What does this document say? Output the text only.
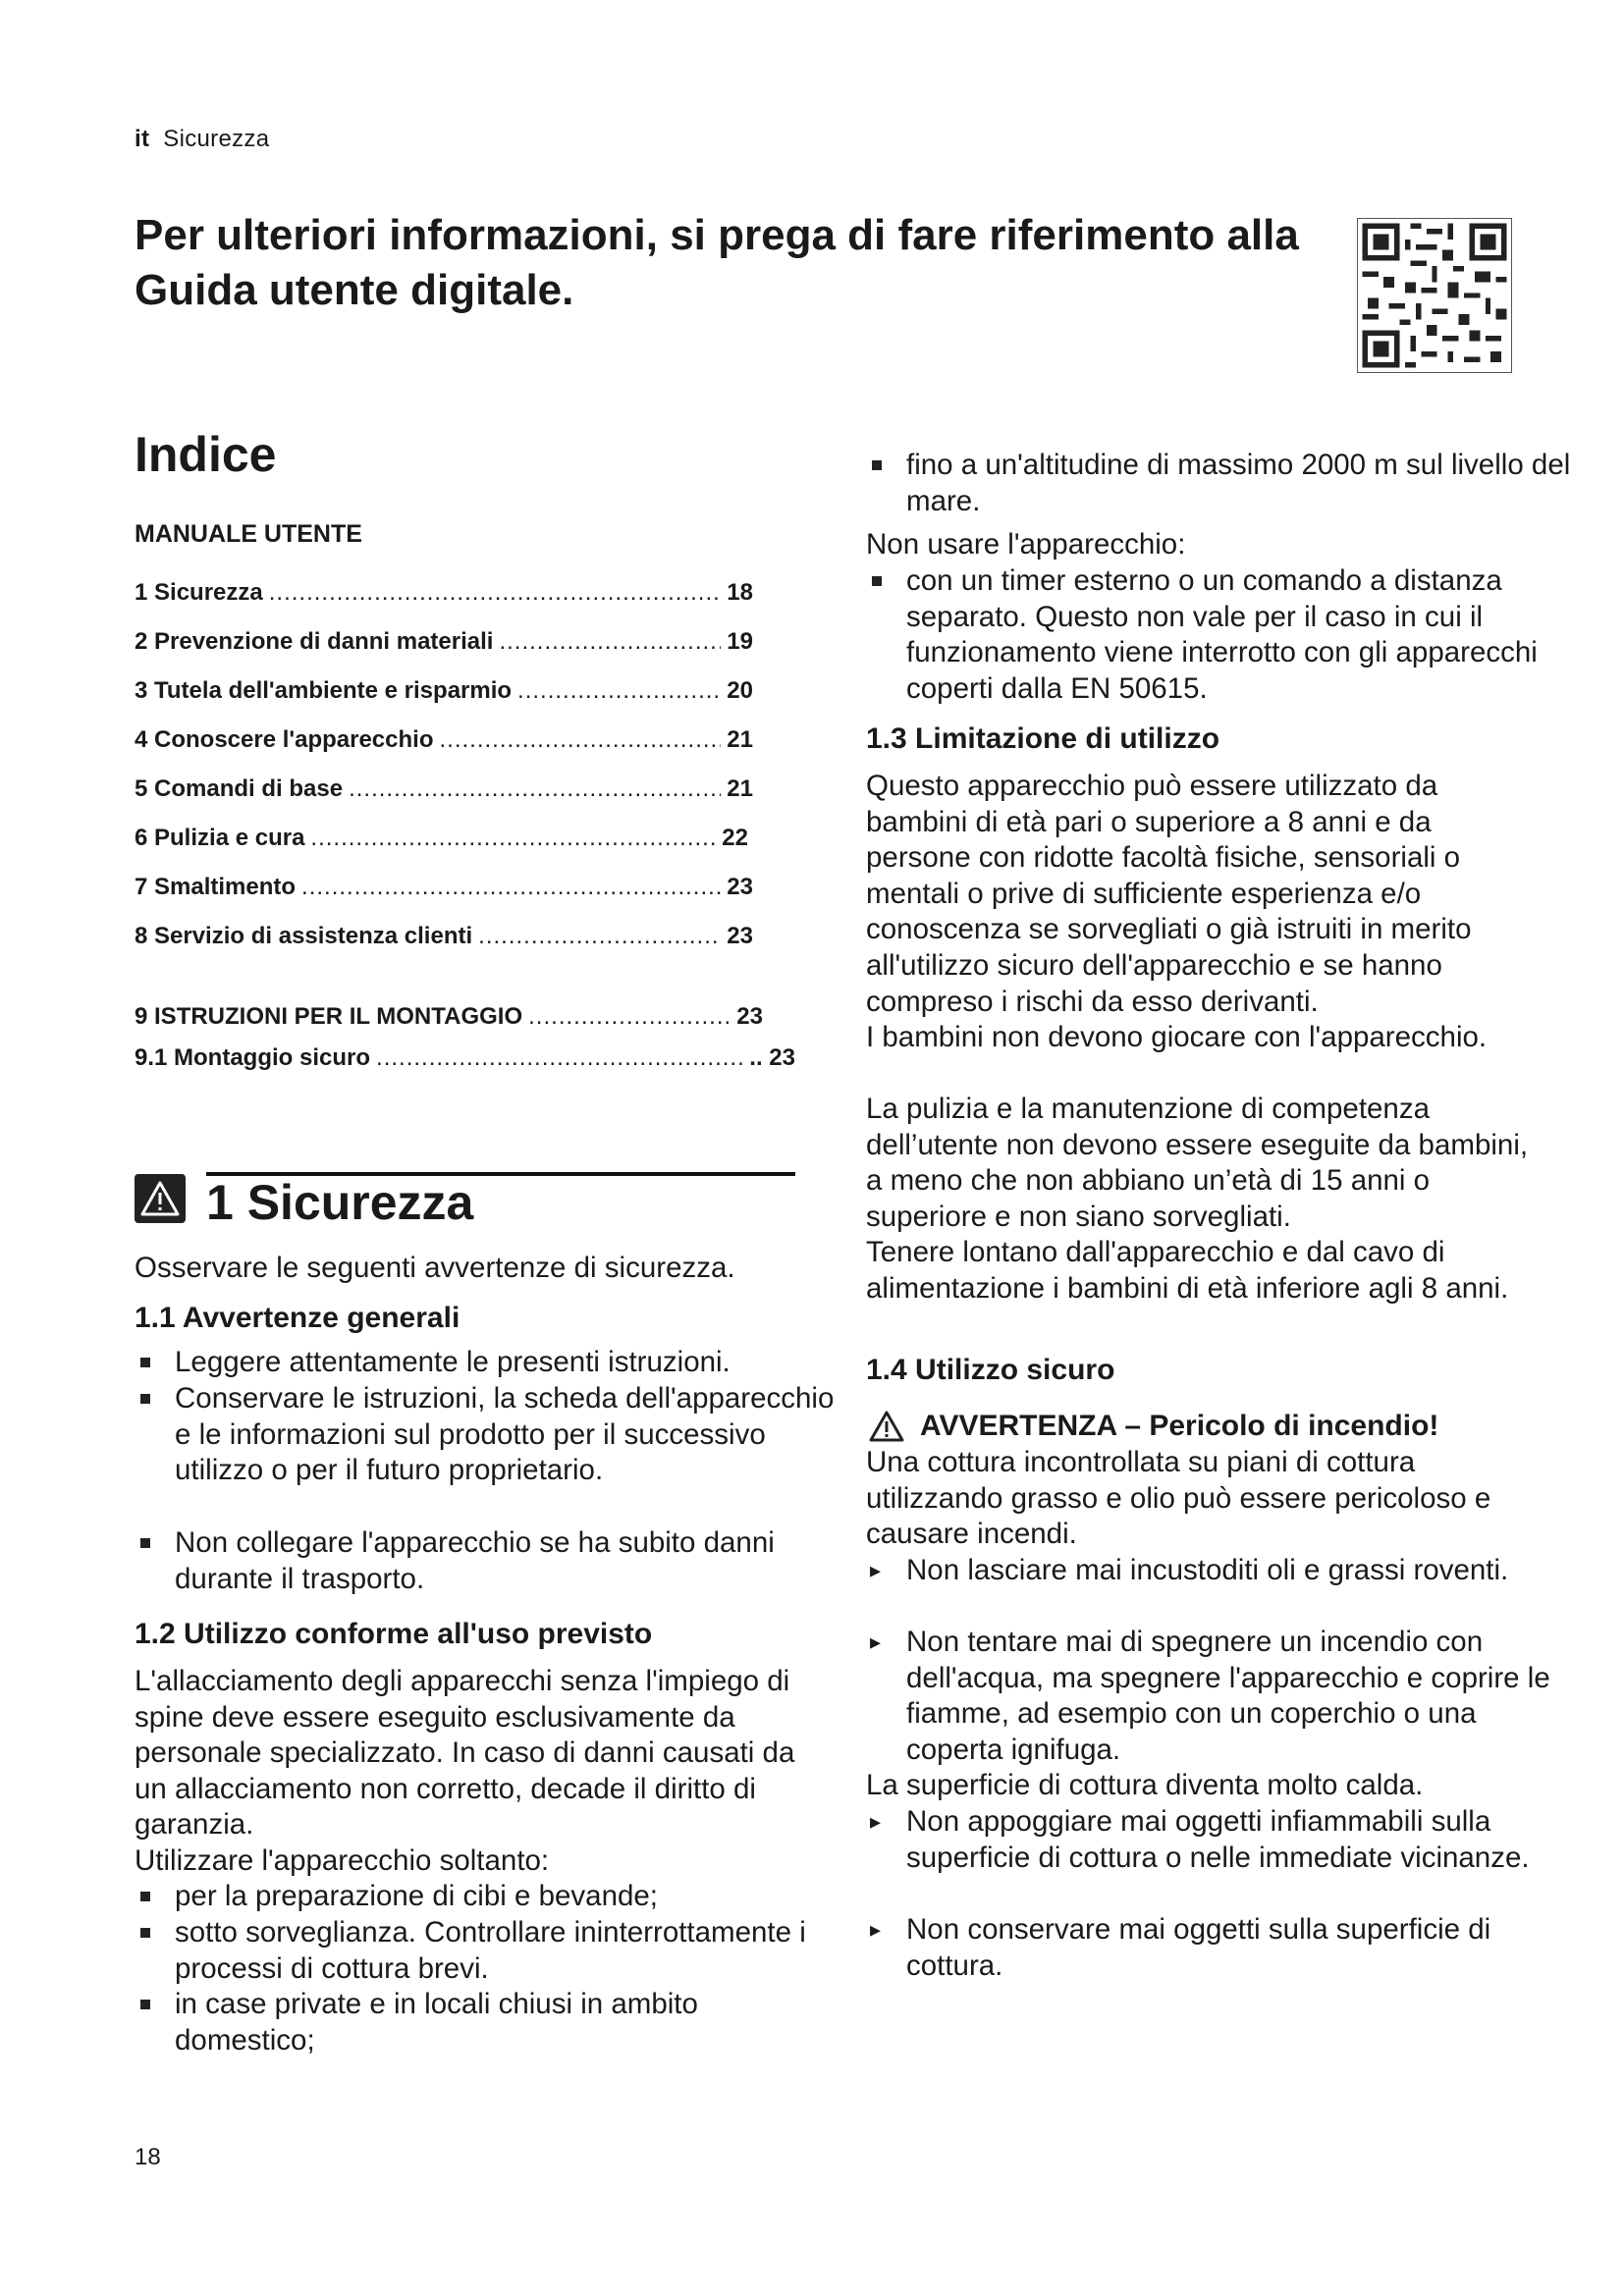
it Sicurezza
Per ulteriori informazioni, si prega di fare riferimento alla Guida utente digitale.
Indice
MANUALE UTENTE
1 Sicurezza .....	18
2 Prevenzione di danni materiali .....	19
3 Tutela dell'ambiente e risparmio .....	20
4 Conoscere l'apparecchio .....	21
5 Comandi di base .....	21
6 Pulizia e cura .....	22
7 Smaltimento .....	23
8 Servizio di assistenza clienti .....	23
9 ISTRUZIONI PER IL MONTAGGIO .....	23
9.1 Montaggio sicuro .....	.. 23
1 Sicurezza
Osservare le seguenti avvertenze di sicurezza.
1.1 Avvertenze generali
Leggere attentamente le presenti istruzioni.
Conservare le istruzioni, la scheda dell'apparecchio e le informazioni sul prodotto per il successivo utilizzo o per il futuro proprietario.
Non collegare l'apparecchio se ha subito danni durante il trasporto.
1.2 Utilizzo conforme all'uso previsto
L'allacciamento degli apparecchi senza l'impiego di spine deve essere eseguito esclusivamente da personale specializzato. In caso di danni causati da un allacciamento non corretto, decade il diritto di garanzia.
Utilizzare l'apparecchio soltanto:
per la preparazione di cibi e bevande;
sotto sorveglianza. Controllare ininterrottamente i processi di cottura brevi.
in case private e in locali chiusi in ambito domestico;
fino a un'altitudine di massimo 2000 m sul livello del mare.
Non usare l'apparecchio:
con un timer esterno o un comando a distanza separato. Questo non vale per il caso in cui il funzionamento viene interrotto con gli apparecchi coperti dalla EN 50615.
1.3 Limitazione di utilizzo
Questo apparecchio può essere utilizzato da bambini di età pari o superiore a 8 anni e da persone con ridotte facoltà fisiche, sensoriali o mentali o prive di sufficiente esperienza e/o conoscenza se sorvegliati o già istruiti in merito all'utilizzo sicuro dell'apparecchio e se hanno compreso i rischi da esso derivanti.
I bambini non devono giocare con l'apparecchio.
La pulizia e la manutenzione di competenza dell’utente non devono essere eseguite da bambini, a meno che non abbiano un’età di 15 anni o superiore e non siano sorvegliati.
Tenere lontano dall'apparecchio e dal cavo di alimentazione i bambini di età inferiore agli 8 anni.
1.4 Utilizzo sicuro
AVVERTENZA – Pericolo di incendio!
Una cottura incontrollata su piani di cottura utilizzando grasso e olio può essere pericoloso e causare incendi.
▸ Non lasciare mai incustoditi oli e grassi roventi.
▸ Non tentare mai di spegnere un incendio con dell'acqua, ma spegnere l'apparecchio e coprire le fiamme, ad esempio con un coperchio o una coperta ignifuga.
La superficie di cottura diventa molto calda.
▸ Non appoggiare mai oggetti infiammabili sulla superficie di cottura o nelle immediate vicinanze.
▸ Non conservare mai oggetti sulla superficie di cottura.
18
